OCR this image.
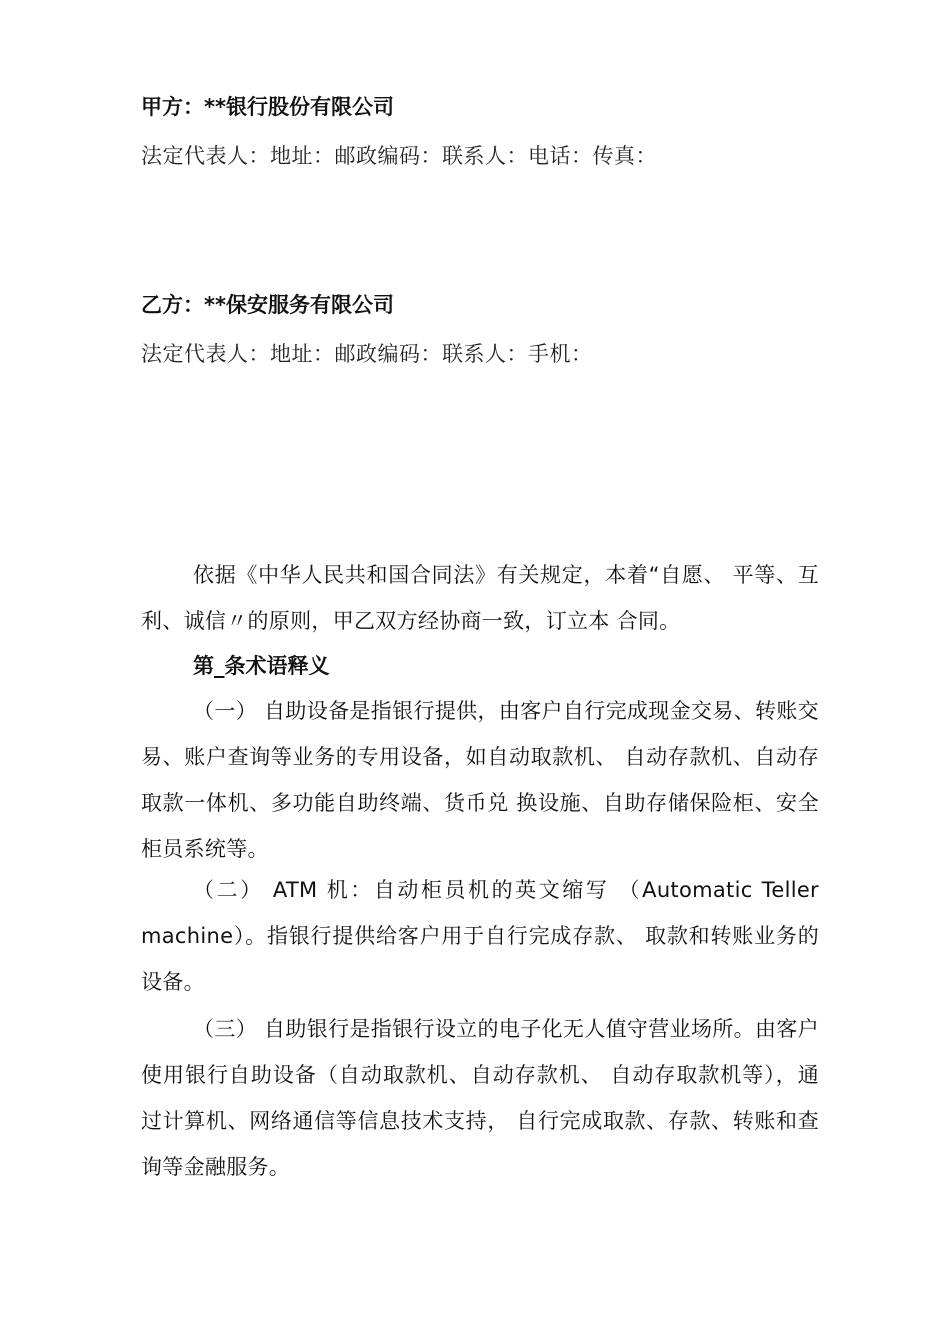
甲方：**银行股份有限公司
法定代表人：地址：邮政编码：联系人：电话：传真：
乙方：**保安服务有限公司
法定代表人：地址：邮政编码：联系人：手机：
依据《中华人民共和国合同法》有关规定，本着“自愿、 平等、互利、诚信〃的原则，甲乙双方经协商一致，订立本 合同。
第_条术语释义
（一） 自助设备是指银行提供，由客户自行完成现金交易、转账交易、账户查询等业务的专用设备，如自动取款机、 自动存款机、自动存取款一体机、多功能自助终端、货币兑 换设施、自助存储保险柜、安全柜员系统等。
（二） ATM 机：自动柜员机的英文缩写 （Automatic Teller machine）。指银行提供给客户用于自行完成存款、 取款和转账业务的设备。
（三） 自助银行是指银行设立的电子化无人值守营业场所。由客户使用银行自助设备（自动取款机、自动存款机、 自动存取款机等），通过计算机、网络通信等信息技术支持， 自行完成取款、存款、转账和查询等金融服务。
